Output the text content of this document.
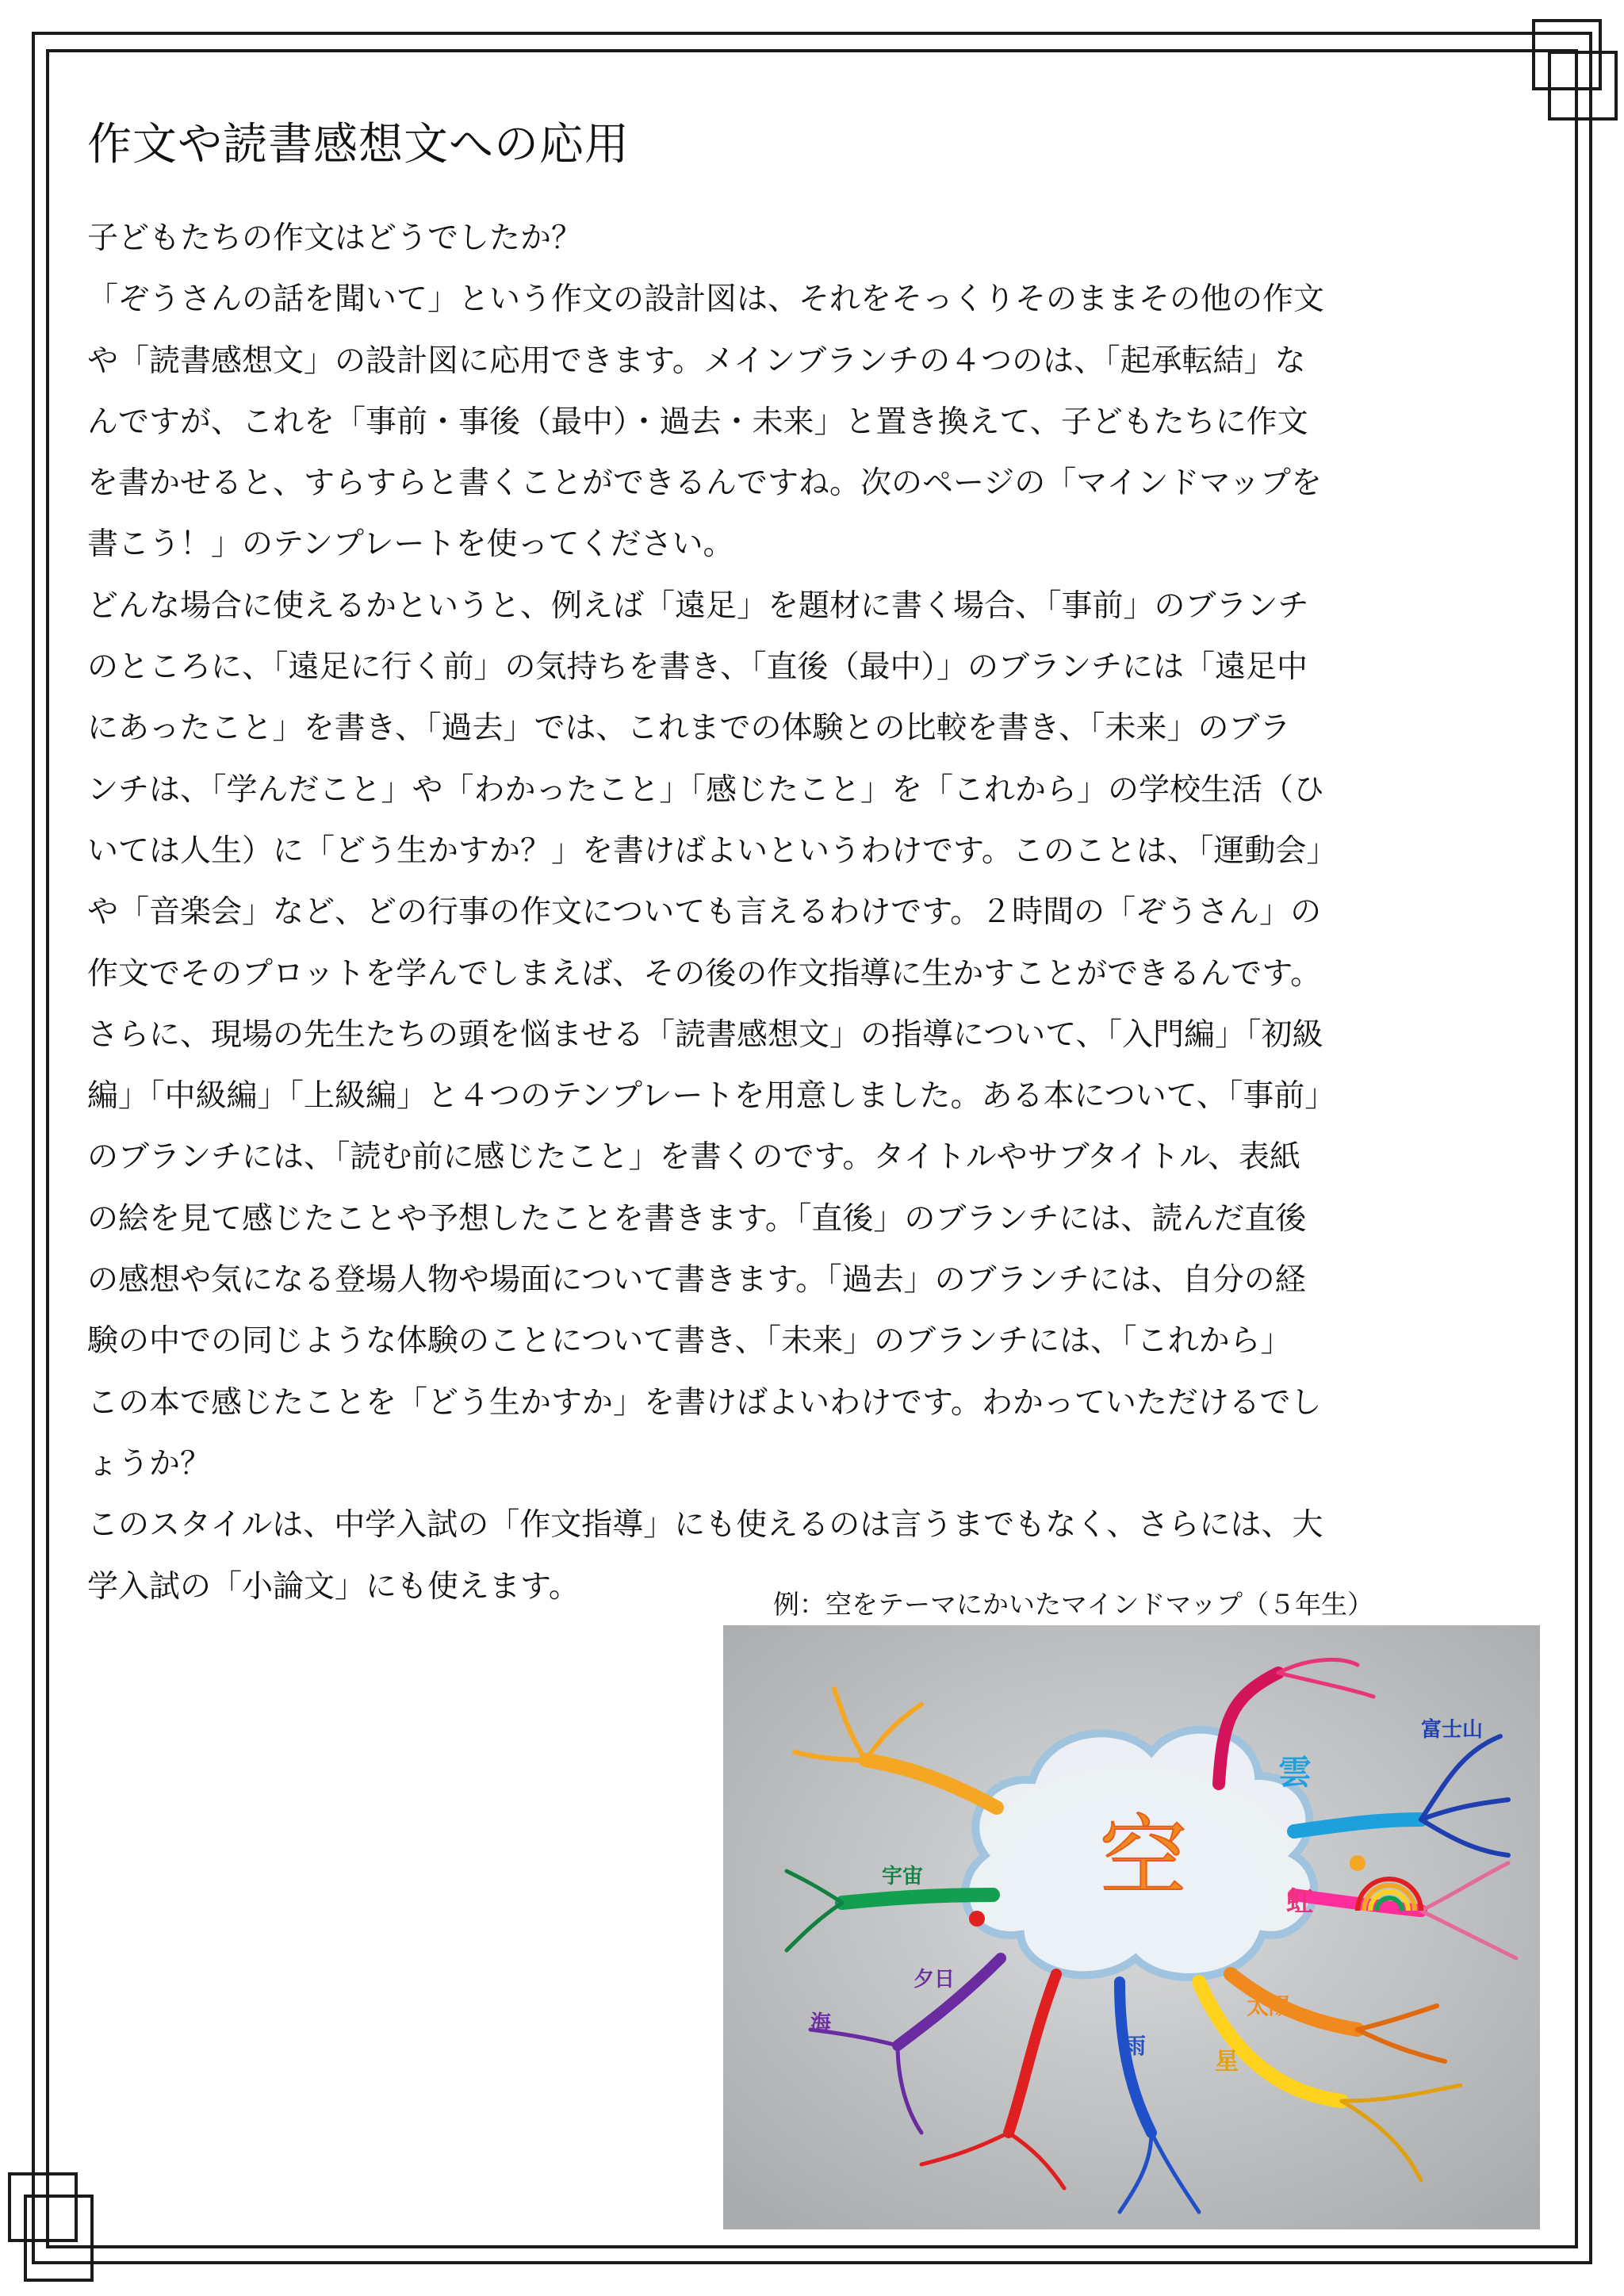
作文や読書感想文への応用
子どもたちの作文はどうでしたか？
「ぞうさんの話を聞いて」という作文の設計図は、それをそっくりそのままその他の作文
や「読書感想文」の設計図に応用できます。メインブランチの４つのは、「起承転結」な
んですが、これを「事前・事後（最中）・過去・未来」と置き換えて、子どもたちに作文
を書かせると、すらすらと書くことができるんですね。次のページの「マインドマップを
書こう！」のテンプレートを使ってください。
どんな場合に使えるかというと、例えば「遠足」を題材に書く場合、「事前」のブランチ
のところに、「遠足に行く前」の気持ちを書き、「直後（最中）」のブランチには「遠足中
にあったこと」を書き、「過去」では、これまでの体験との比較を書き、「未来」のブラ
ンチは、「学んだこと」や「わかったこと」「感じたこと」を「これから」の学校生活（ひ
いては人生）に「どう生かすか？」を書けばよいというわけです。このことは、「運動会」
や「音楽会」など、どの行事の作文についても言えるわけです。２時間の「ぞうさん」の
作文でそのプロットを学んでしまえば、その後の作文指導に生かすことができるんです。
さらに、現場の先生たちの頭を悩ませる「読書感想文」の指導について、「入門編」「初級
編」「中級編」「上級編」と４つのテンプレートを用意しました。ある本について、「事前」
のブランチには、「読む前に感じたこと」を書くのです。タイトルやサブタイトル、表紙
の絵を見て感じたことや予想したことを書きます。「直後」のブランチには、読んだ直後
の感想や気になる登場人物や場面について書きます。「過去」のブランチには、自分の経
験の中での同じような体験のことについて書き、「未来」のブランチには、「これから」
この本で感じたことを「どう生かすか」を書けばよいわけです。わかっていただけるでし
ょうか？
このスタイルは、中学入試の「作文指導」にも使えるのは言うまでもなく、さらには、大
学入試の「小論文」にも使えます。	例：空をテーマにかいたマインドマップ（５年生）
空
雲
虹
太陽
星
雨
夕日
宇宙
海
富士山
